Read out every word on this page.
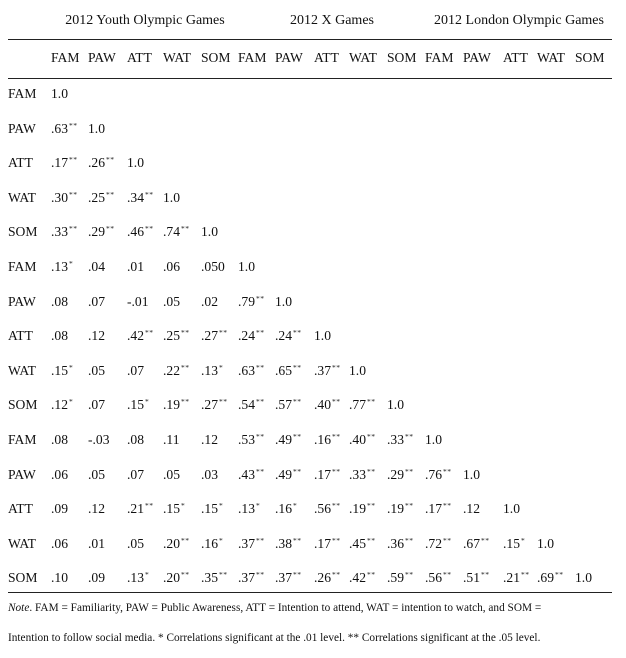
2012 Youth Olympic Games	2012 X Games	2012 London Olympic Games
FAM PAW ATT WAT SOM FAM PAW ATT WAT SOM FAM PAW ATT WAT SOM
FAM 1.0
PAW .63** 1.0
ATT .17** .26** 1.0
WAT .30** .25** .34** 1.0
SOM .33** .29** .46** .74** 1.0
FAM .13* .04 .01 .06 .050 1.0
PAW .08 .07 -.01 .05 .02 .79** 1.0
ATT .08 .12 .42** .25** .27** .24** .24** 1.0
WAT .15* .05 .07 .22** .13* .63** .65** .37** 1.0
SOM .12* .07 .15* .19** .27** .54** .57** .40** .77** 1.0
FAM .08 -.03 .08 .11 .12 .53** .49** .16** .40** .33** 1.0
PAW .06 .05 .07 .05 .03 .43** .49** .17** .33** .29** .76** 1.0
ATT .09 .12 .21** .15* .15* .13* .16* .56** .19** .19** .17** .12 1.0
WAT .06 .01 .05 .20** .16* .37** .38** .17** .45** .36** .72** .67** .15* 1.0
SOM .10 .09 .13* .20** .35** .37** .37** .26** .42** .59** .56** .51** .21** .69** 1.0
Note. FAM = Familiarity, PAW = Public Awareness, ATT = Intention to attend, WAT = intention to watch, and SOM =
Intention to follow social media. * Correlations significant at the .01 level. ** Correlations significant at the .05 level.
